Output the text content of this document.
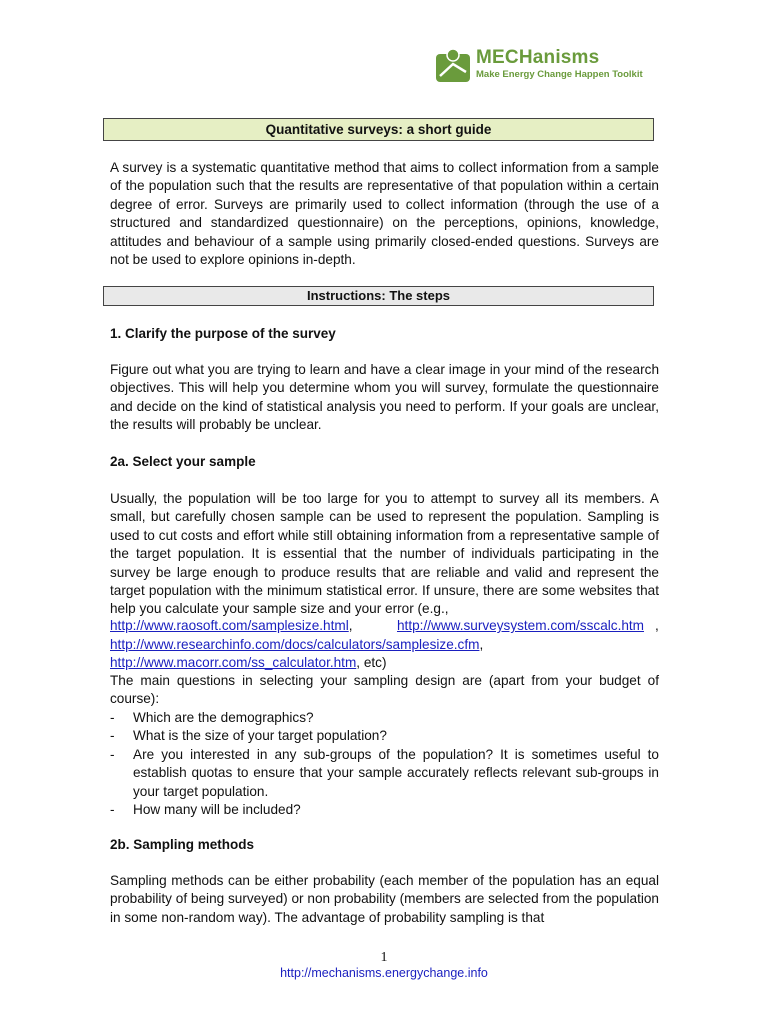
MECHanisms
Make Energy Change Happen Toolkit
Quantitative surveys: a short guide

A survey is a systematic quantitative method that aims to collect information from a sample of the population such that the results are representative of that population within a certain degree of error. Surveys are primarily used to collect information (through the use of a structured and standardized questionnaire) on the perceptions, opinions, knowledge, attitudes and behaviour of a sample using primarily closed-ended questions. Surveys are not be used to explore opinions in-depth.

Instructions: The steps

1. Clarify the purpose of the survey

Figure out what you are trying to learn and have a clear image in your mind of the research objectives. This will help you determine whom you will survey, formulate the questionnaire and decide on the kind of statistical analysis you need to perform. If your goals are unclear, the results will probably be unclear.

2a. Select your sample

Usually, the population will be too large for you to attempt to survey all its members. A small, but carefully chosen sample can be used to represent the population. Sampling is used to cut costs and effort while still obtaining information from a representative sample of the target population. It is essential that the number of individuals participating in the survey be large enough to produce results that are reliable and valid and represent the target population with the minimum statistical error. If unsure, there are some websites that help you calculate your sample size and your error (e.g.,

http://www.raosoft.com/samplesize.html,	http://www.surveysystem.com/sscalc.htm ,
http://www.researchinfo.com/docs/calculators/samplesize.cfm,
http://www.macorr.com/ss_calculator.htm, etc)

The main questions in selecting your sampling design are (apart from your budget of course):

-	Which are the demographics?
-	What is the size of your target population?
-	Are you interested in any sub-groups of the population? It is sometimes useful to establish quotas to ensure that your sample accurately reflects relevant sub-groups in your target population.
-	How many will be included?

2b. Sampling methods

Sampling methods can be either probability (each member of the population has an equal probability of being surveyed) or non probability (members are selected from the population in some non-random way). The advantage of probability sampling is that

1
http://mechanisms.energychange.info
